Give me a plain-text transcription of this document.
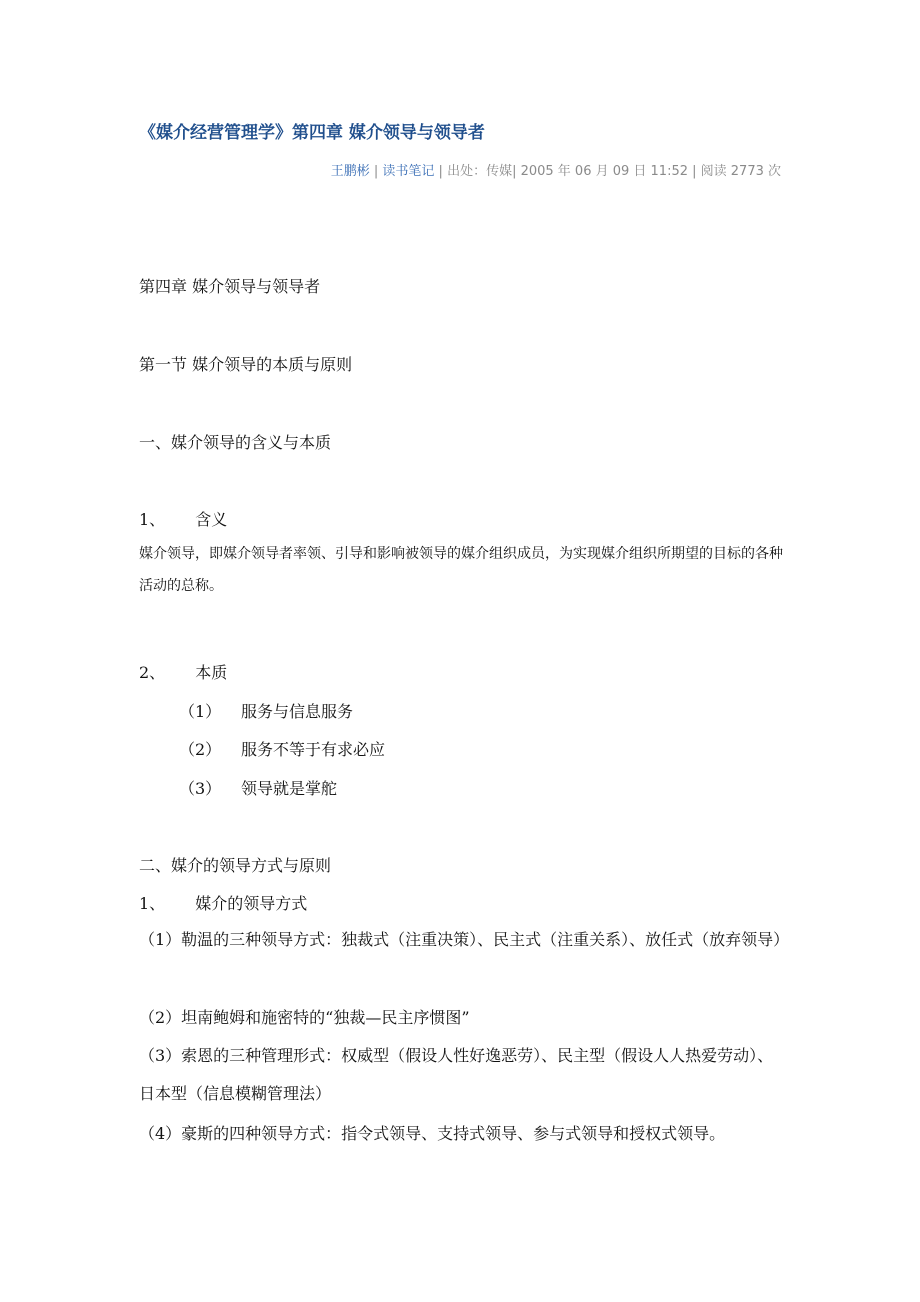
《媒介经营管理学》第四章 媒介领导与领导者
王鹏彬 | 读书笔记 | 出处：传媒| 2005 年 06 月 09 日 11:52 | 阅读 2773 次
第四章 媒介领导与领导者
第一节 媒介领导的本质与原则
一、媒介领导的含义与本质
1、 含义
媒介领导，即媒介领导者率领、引导和影响被领导的媒介组织成员，为实现媒介组织所期望的目标的各种活动的总称。
2、 本质
（1） 服务与信息服务
（2） 服务不等于有求必应
（3） 领导就是掌舵
二、媒介的领导方式与原则
1、 媒介的领导方式
（1）勒温的三种领导方式：独裁式（注重决策）、民主式（注重关系）、放任式（放弃领导）
（2）坦南鲍姆和施密特的“独裁—民主序惯图”
（3）索恩的三种管理形式：权威型（假设人性好逸恶劳）、民主型（假设人人热爱劳动）、日本型（信息模糊管理法）
（4）豪斯的四种领导方式：指令式领导、支持式领导、参与式领导和授权式领导。
